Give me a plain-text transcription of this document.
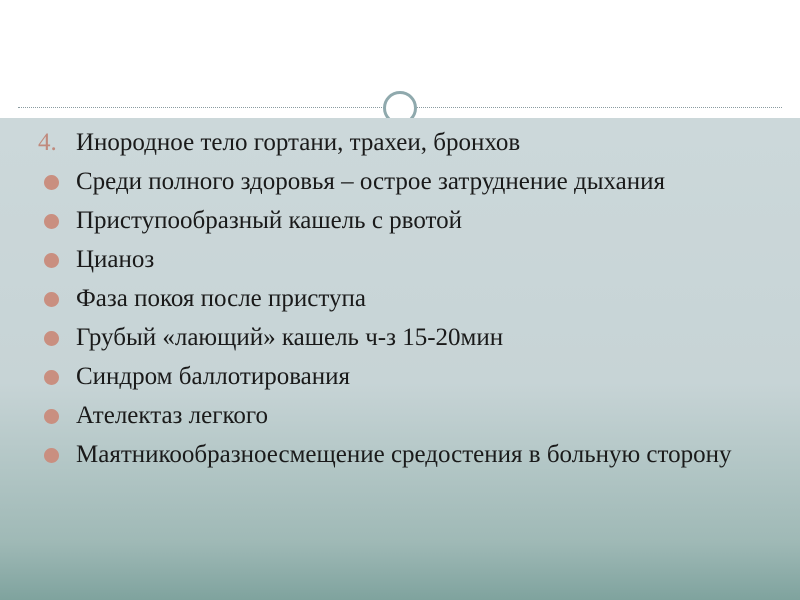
4. Инородное тело гортани, трахеи, бронхов
Среди полного здоровья – острое затруднение дыхания
Приступообразный кашель с рвотой
Цианоз
Фаза покоя после приступа
Грубый «лающий» кашель ч-з 15-20мин
Синдром баллотирования
Ателектаз легкого
Маятникообразноесмещение средостения в больную сторону
